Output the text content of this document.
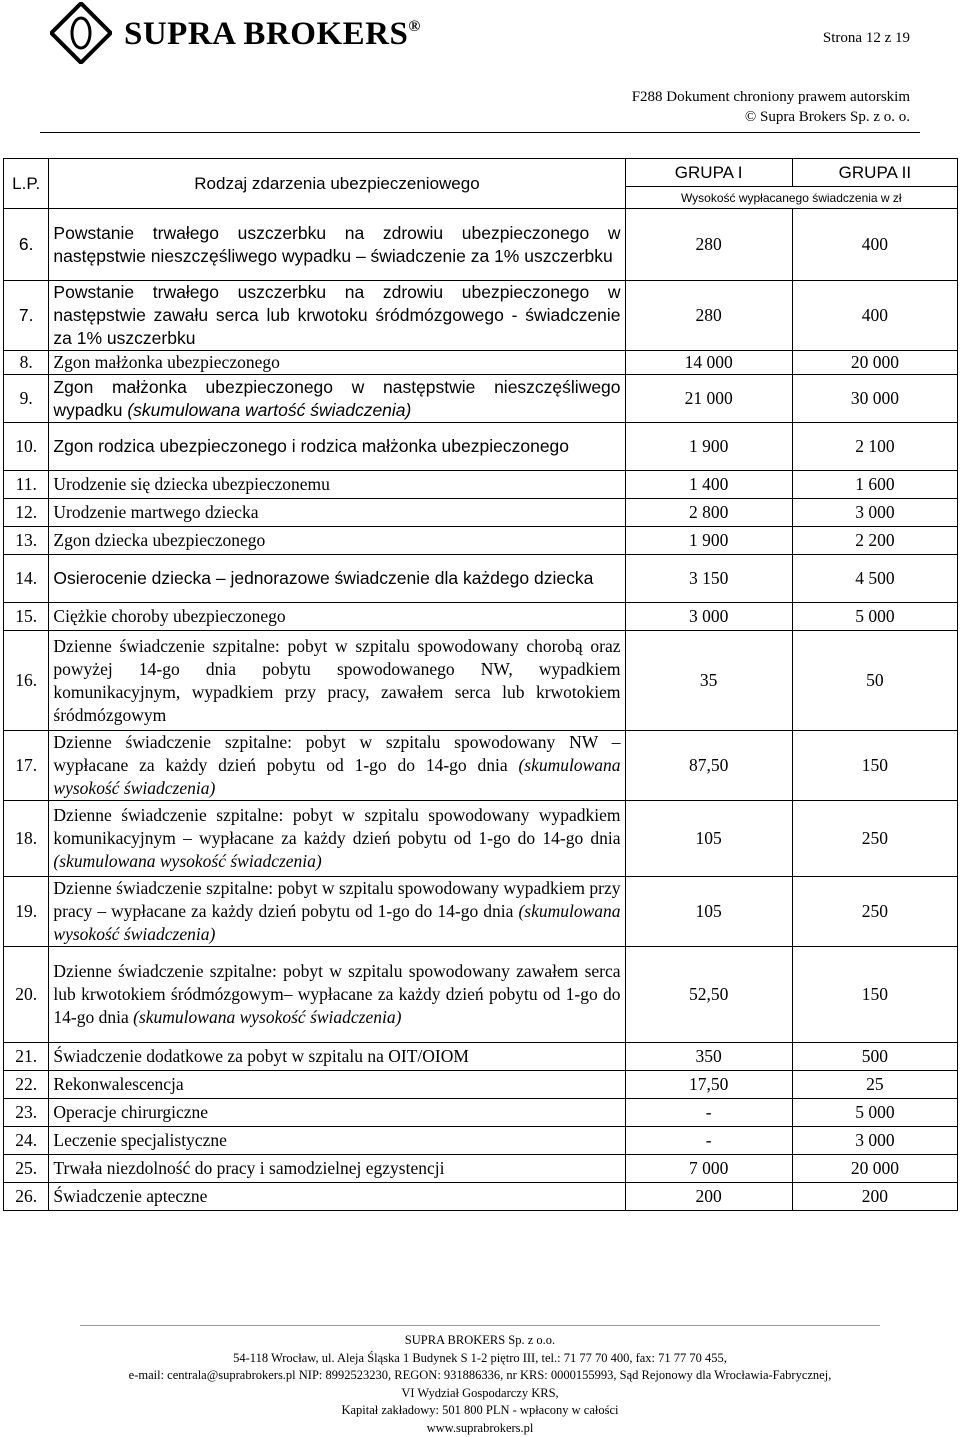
SUPRA BROKERS®
Strona 12 z 19
F288 Dokument chroniony prawem autorskim
© Supra Brokers Sp. z o. o.
L.P.	Rodzaj zdarzenia ubezpieczeniowego	GRUPA I	GRUPA II
		Wysokość wypłacanego świadczenia w zł	
6.	Powstanie trwałego uszczerbku na zdrowiu ubezpieczonego w następstwie nieszczęśliwego wypadku – świadczenie za 1% uszczerbku	280	400
7.	Powstanie trwałego uszczerbku na zdrowiu ubezpieczonego w następstwie zawału serca lub krwotoku śródmózgowego - świadczenie za 1% uszczerbku	280	400
8.	Zgon małżonka ubezpieczonego	14 000	20 000
9.	Zgon małżonka ubezpieczonego w następstwie nieszczęśliwego wypadku (skumulowana wartość świadczenia)	21 000	30 000
10.	Zgon rodzica ubezpieczonego i rodzica małżonka ubezpieczonego	1 900	2 100
11.	Urodzenie się dziecka ubezpieczonemu	1 400	1 600
12.	Urodzenie martwego dziecka	2 800	3 000
13.	Zgon dziecka ubezpieczonego	1 900	2 200
14.	Osierocenie dziecka – jednorazowe świadczenie dla każdego dziecka	3 150	4 500
15.	Ciężkie choroby ubezpieczonego	3 000	5 000
16.	Dzienne świadczenie szpitalne: pobyt w szpitalu spowodowany chorobą oraz powyżej 14-go dnia pobytu spowodowanego NW, wypadkiem komunikacyjnym, wypadkiem przy pracy, zawałem serca lub krwotokiem śródmózgowym	35	50
17.	Dzienne świadczenie szpitalne: pobyt w szpitalu spowodowany NW – wypłacane za każdy dzień pobytu od 1-go do 14-go dnia (skumulowana wysokość świadczenia)	87,50	150
18.	Dzienne świadczenie szpitalne: pobyt w szpitalu spowodowany wypadkiem komunikacyjnym – wypłacane za każdy dzień pobytu od 1-go do 14-go dnia (skumulowana wysokość świadczenia)	105	250
19.	Dzienne świadczenie szpitalne: pobyt w szpitalu spowodowany wypadkiem przy pracy – wypłacane za każdy dzień pobytu od 1-go do 14-go dnia (skumulowana wysokość świadczenia)	105	250
20.	Dzienne świadczenie szpitalne: pobyt w szpitalu spowodowany zawałem serca lub krwotokiem śródmózgowym– wypłacane za każdy dzień pobytu od 1-go do 14-go dnia (skumulowana wysokość świadczenia)	52,50	150
21.	Świadczenie dodatkowe za pobyt w szpitalu na OIT/OIOM	350	500
22.	Rekonwalescencja	17,50	25
23.	Operacje chirurgiczne	-	5 000
24.	Leczenie specjalistyczne	-	3 000
25.	Trwała niezdolność do pracy i samodzielnej egzystencji	7 000	20 000
26.	Świadczenie apteczne	200	200
SUPRA BROKERS Sp. z o.o.
54-118 Wrocław, ul. Aleja Śląska 1 Budynek S 1-2 piętro III, tel.: 71 77 70 400, fax: 71 77 70 455,
e-mail: centrala@suprabrokers.pl NIP: 8992523230, REGON: 931886336, nr KRS: 0000155993, Sąd Rejonowy dla Wrocławia-Fabrycznej,
VI Wydział Gospodarczy KRS,
Kapitał zakładowy: 501 800 PLN - wpłacony w całości
www.suprabrokers.pl
